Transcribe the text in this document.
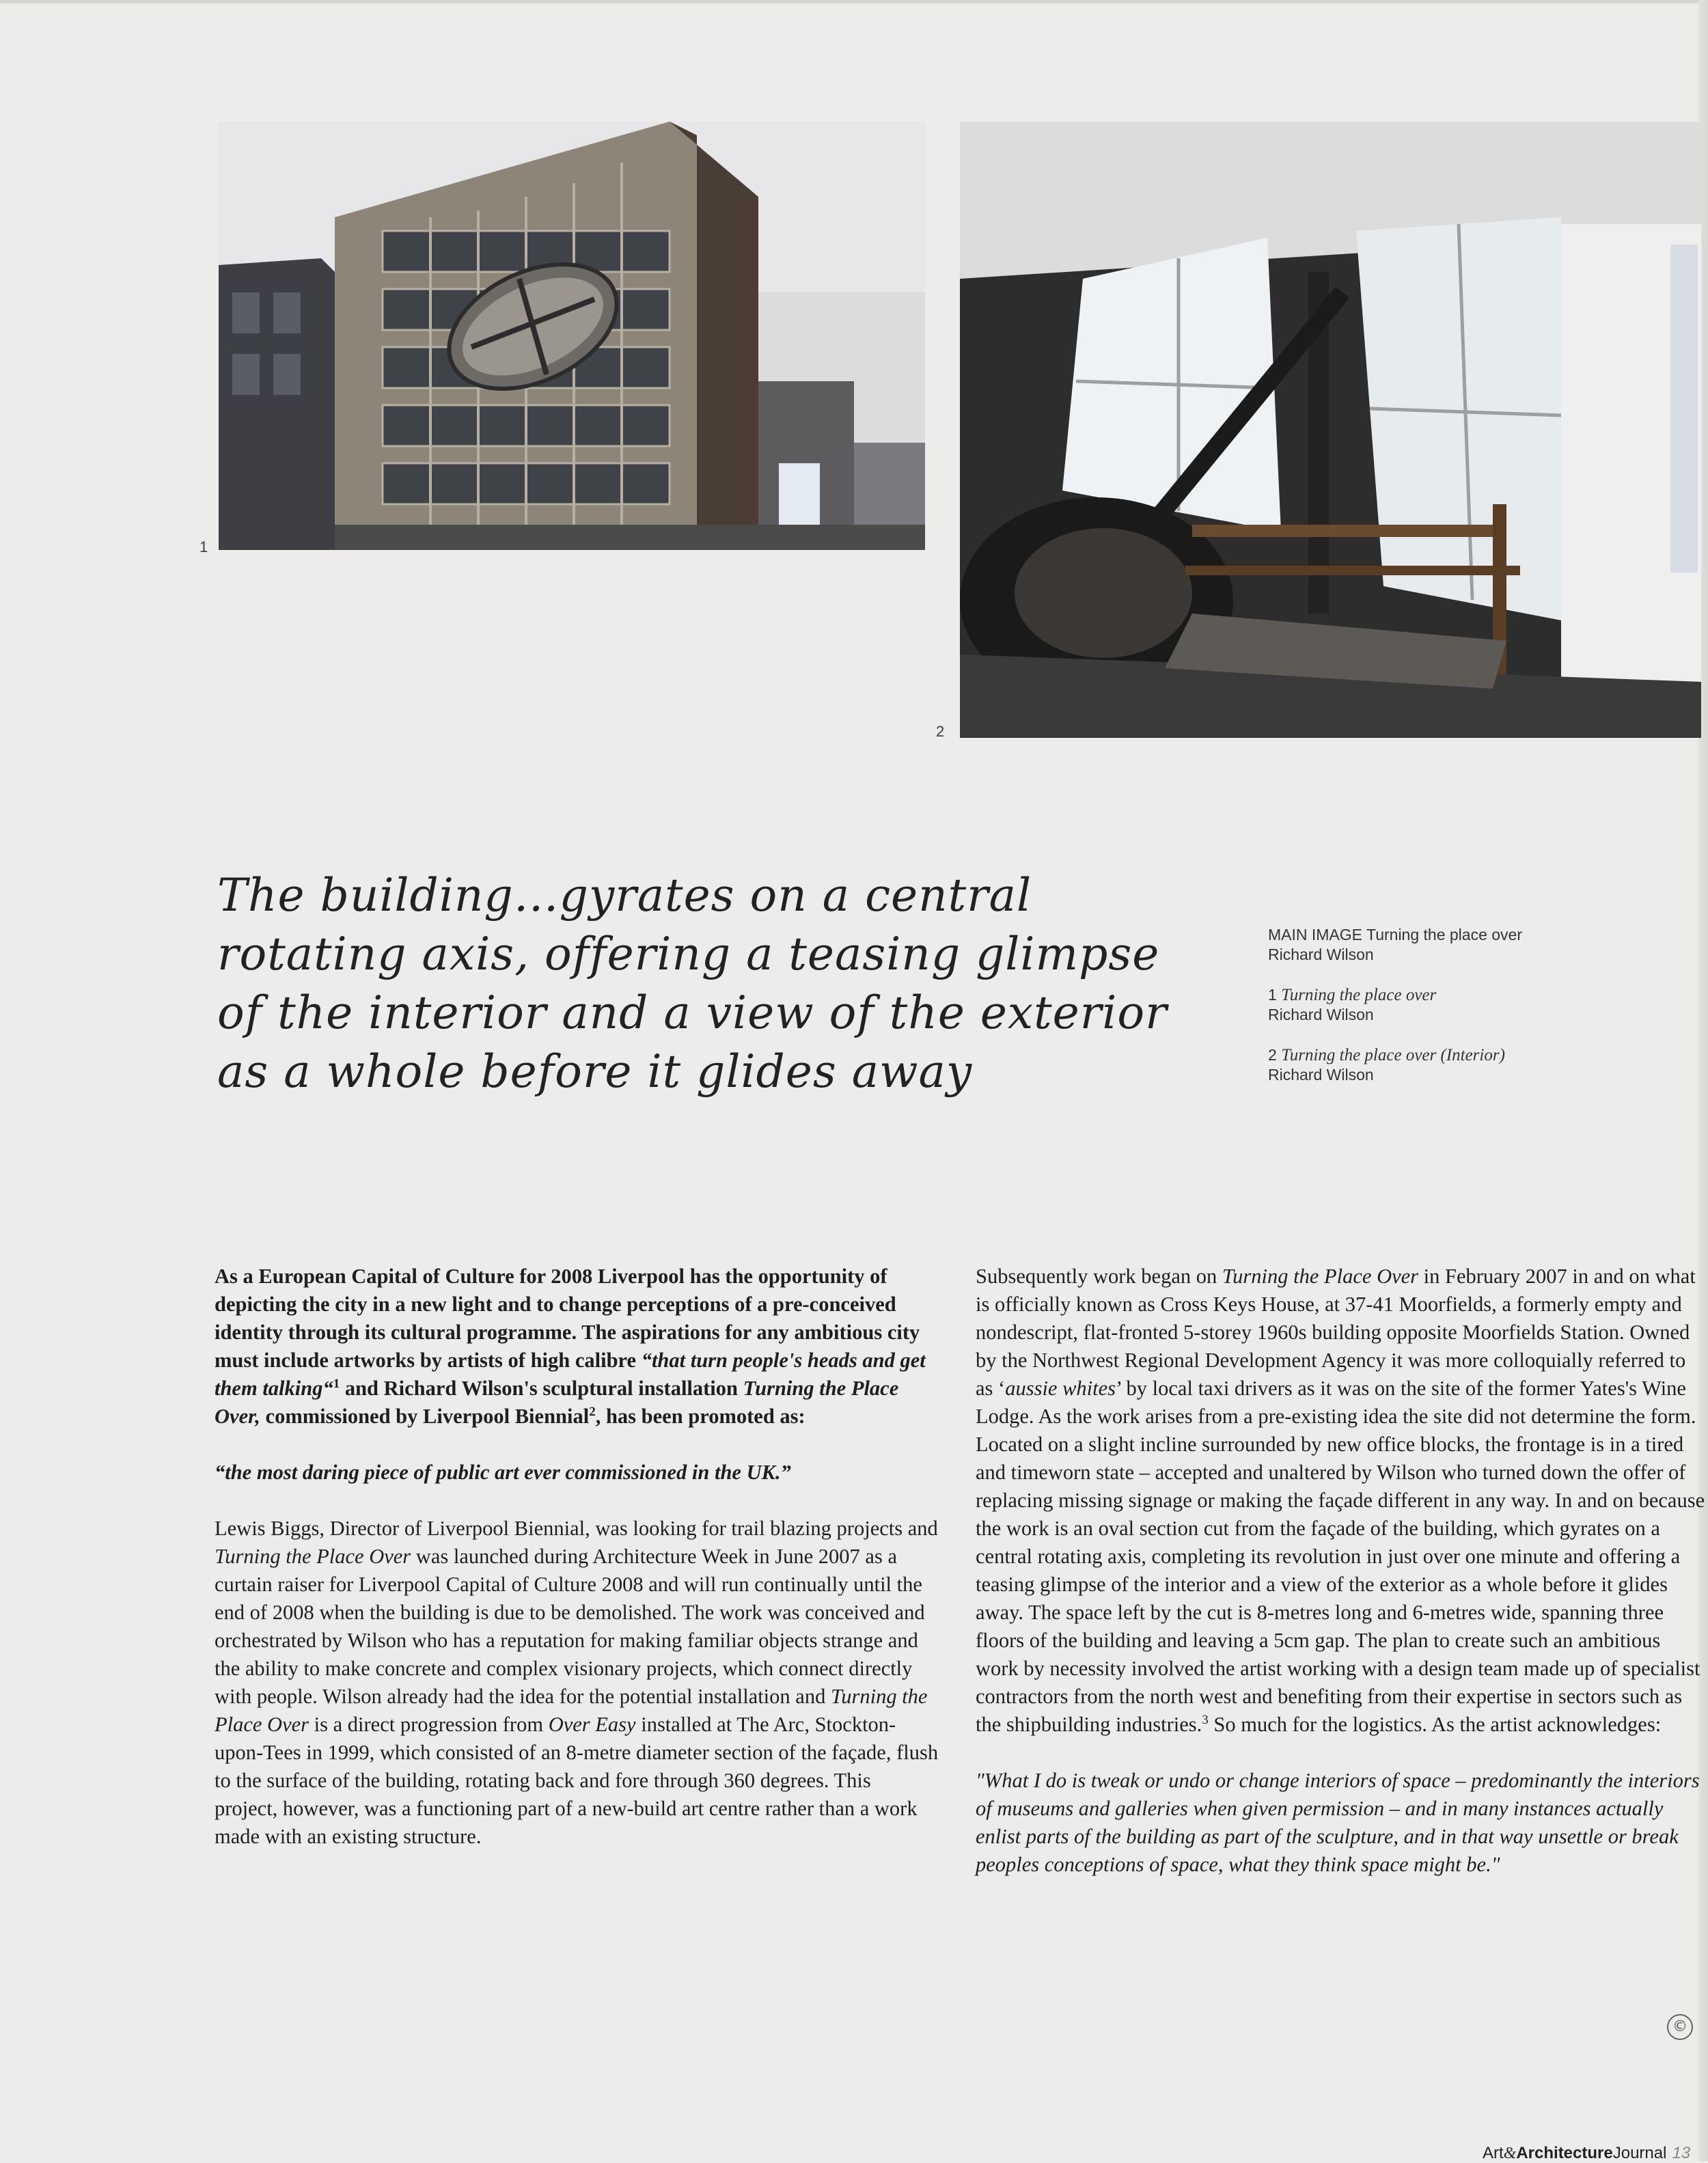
1
2
The building…gyrates on a central rotating axis, offering a teasing glimpse of the interior and a view of the exterior as a whole before it glides away
MAIN IMAGE Turning the place over
Richard Wilson
1 Turning the place over
Richard Wilson
2 Turning the place over (Interior)
Richard Wilson

As a European Capital of Culture for 2008 Liverpool has the opportunity of depicting the city in a new light and to change perceptions of a pre-conceived identity through its cultural programme. The aspirations for any ambitious city must include artworks by artists of high calibre “that turn people's heads and get them talking“$^1$ and Richard Wilson's sculptural installation Turning the Place Over, commissioned by Liverpool Biennial$^2$, has been promoted as:

“the most daring piece of public art ever commissioned in the UK.”

Lewis Biggs, Director of Liverpool Biennial, was looking for trail blazing projects and Turning the Place Over was launched during Architecture Week in June 2007 as a curtain raiser for Liverpool Capital of Culture 2008 and will run continually until the end of 2008 when the building is due to be demolished. The work was conceived and orchestrated by Wilson who has a reputation for making familiar objects strange and the ability to make concrete and complex visionary projects, which connect directly with people. Wilson already had the idea for the potential installation and Turning the Place Over is a direct progression from Over Easy installed at The Arc, Stockton-upon-Tees in 1999, which consisted of an 8-metre diameter section of the façade, flush to the surface of the building, rotating back and fore through 360 degrees. This project, however, was a functioning part of a new-build art centre rather than a work made with an existing structure.

Subsequently work began on Turning the Place Over in February 2007 in and on what is officially known as Cross Keys House, at 37-41 Moorfields, a formerly empty and nondescript, flat-fronted 5-storey 1960s building opposite Moorfields Station. Owned by the Northwest Regional Development Agency it was more colloquially referred to as ‘aussie whites’ by local taxi drivers as it was on the site of the former Yates's Wine Lodge. As the work arises from a pre-existing idea the site did not determine the form. Located on a slight incline surrounded by new office blocks, the frontage is in a tired and timeworn state – accepted and unaltered by Wilson who turned down the offer of replacing missing signage or making the façade different in any way. In and on because the work is an oval section cut from the façade of the building, which gyrates on a central rotating axis, completing its revolution in just over one minute and offering a teasing glimpse of the interior and a view of the exterior as a whole before it glides away. The space left by the cut is 8-metres long and 6-metres wide, spanning three floors of the building and leaving a 5cm gap. The plan to create such an ambitious work by necessity involved the artist working with a design team made up of specialist contractors from the north west and benefiting from their expertise in sectors such as the shipbuilding industries.$^3$ So much for the logistics. As the artist acknowledges:

"What I do is tweak or undo or change interiors of space – predominantly the interiors of museums and galleries when given permission – and in many instances actually enlist parts of the building as part of the sculpture, and in that way unsettle or break peoples conceptions of space, what they think space might be."

©
Art&ArchitectureJournal 13
